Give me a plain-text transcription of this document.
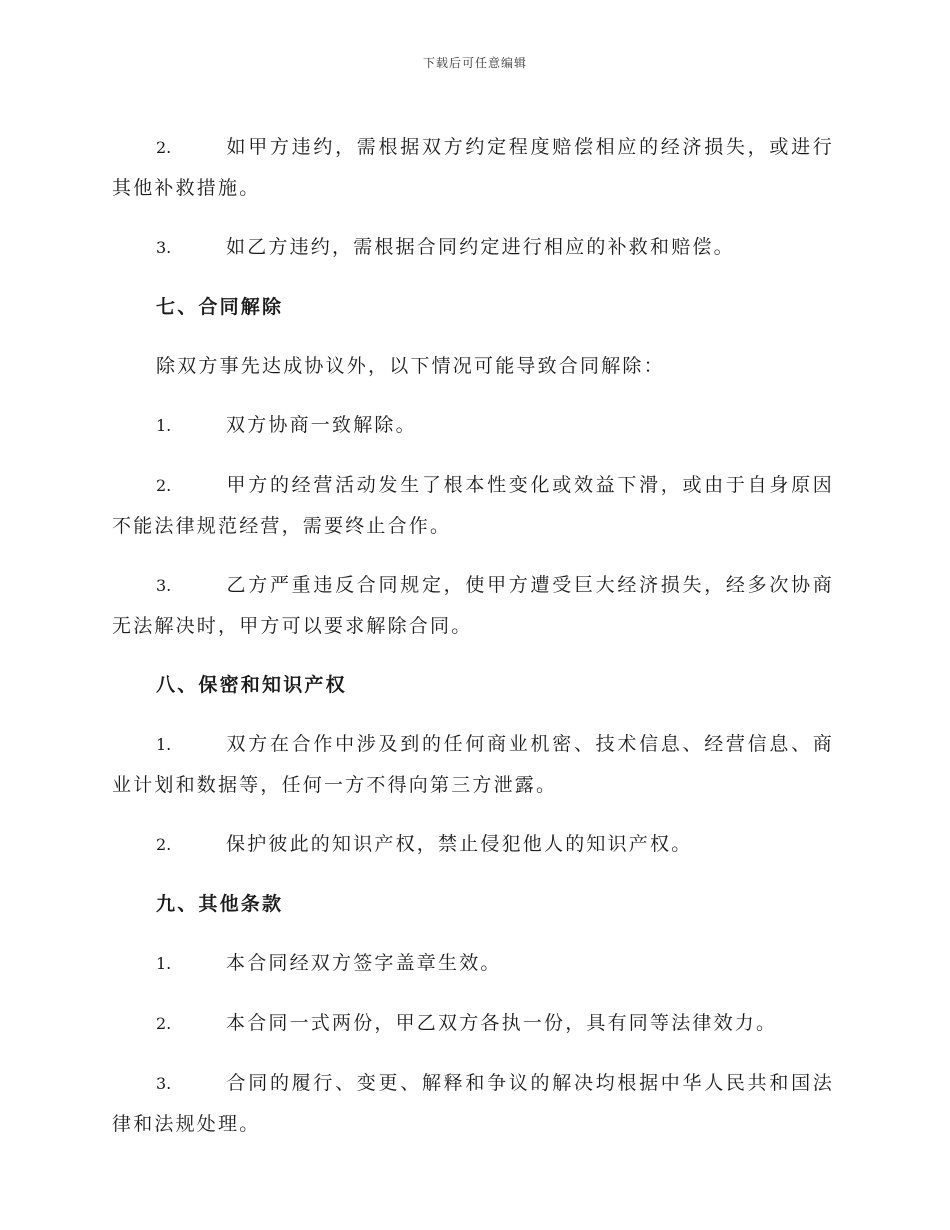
下载后可任意编辑

2.	如甲方违约，需根据双方约定程度赔偿相应的经济损失，或进行其他补救措施。

3.	如乙方违约，需根据合同约定进行相应的补救和赔偿。

七、合同解除

除双方事先达成协议外，以下情况可能导致合同解除：

1.	双方协商一致解除。

2.	甲方的经营活动发生了根本性变化或效益下滑，或由于自身原因不能法律规范经营，需要终止合作。

3.	乙方严重违反合同规定，使甲方遭受巨大经济损失，经多次协商无法解决时，甲方可以要求解除合同。

八、保密和知识产权

1.	双方在合作中涉及到的任何商业机密、技术信息、经营信息、商业计划和数据等，任何一方不得向第三方泄露。

2.	保护彼此的知识产权，禁止侵犯他人的知识产权。

九、其他条款

1.	本合同经双方签字盖章生效。

2.	本合同一式两份，甲乙双方各执一份，具有同等法律效力。

3.	合同的履行、变更、解释和争议的解决均根据中华人民共和国法律和法规处理。
